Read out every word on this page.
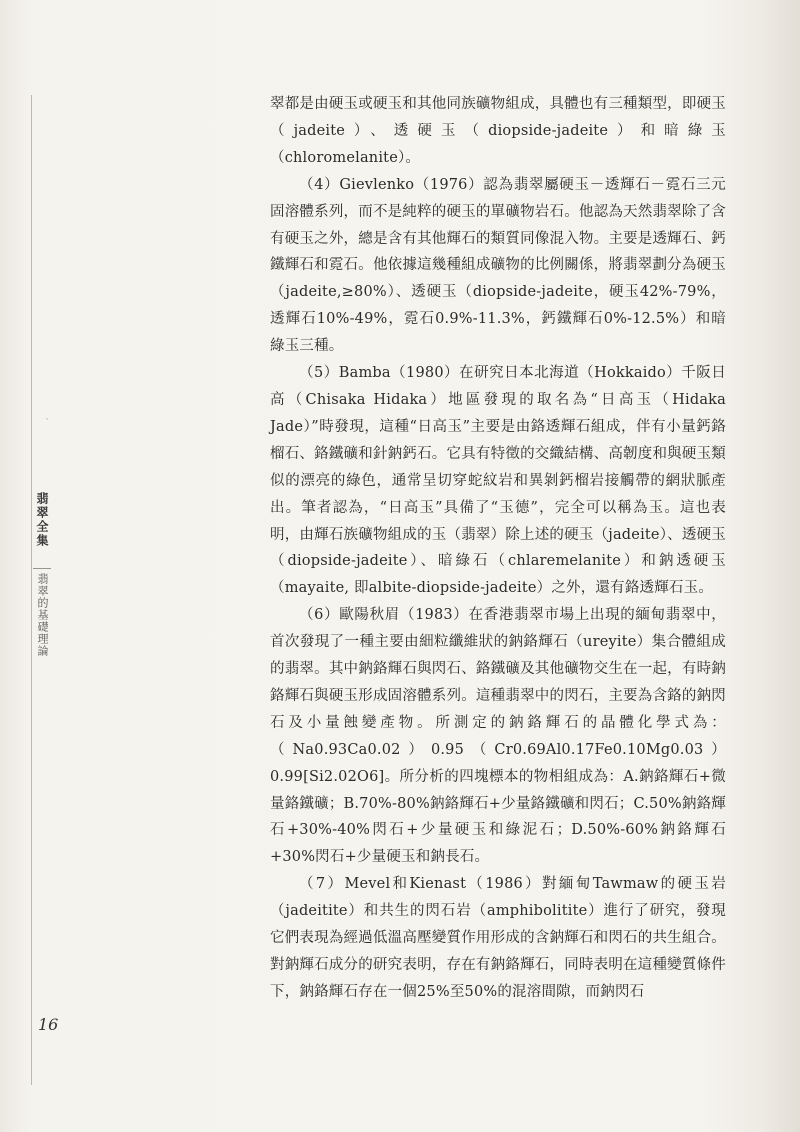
‵
翡翠全集
翡翠的基礎理論

翠都是由硬玉或硬玉和其他同族礦物組成，具體也有三種類型，即硬玉（jadeite）、透硬玉（diopside-jadeite）和暗綠玉（chloromelanite）。

（4）Gievlenko（1976）認為翡翠屬硬玉－透輝石－霓石三元固溶體系列，而不是純粹的硬玉的單礦物岩石。他認為天然翡翠除了含有硬玉之外，總是含有其他輝石的類質同像混入物。主要是透輝石、鈣鐵輝石和霓石。他依據這幾種組成礦物的比例關係，將翡翠劃分為硬玉（jadeite,≥80%）、透硬玉（diopside-jadeite，硬玉42%-79%，透輝石10%-49%，霓石0.9%-11.3%，鈣鐵輝石0%-12.5%）和暗綠玉三種。

（5）Bamba（1980）在研究日本北海道（Hokkaido）千阪日高（Chisaka Hidaka）地區發現的取名為“日高玉（Hidaka Jade）”時發現，這種“日高玉”主要是由鉻透輝石組成，伴有小量鈣鉻榴石、鉻鐵礦和針鈉鈣石。它具有特徵的交織結構、高韌度和與硬玉類似的漂亮的綠色，通常呈切穿蛇紋岩和異剝鈣榴岩接觸帶的網狀脈產出。筆者認為，“日高玉”具備了“玉德”，完全可以稱為玉。這也表明，由輝石族礦物組成的玉（翡翠）除上述的硬玉（jadeite）、透硬玉（diopside-jadeite）、暗綠石（chlaremelanite）和鈉透硬玉（mayaite, 即albite-diopside-jadeite）之外，還有鉻透輝石玉。

（6）歐陽秋眉（1983）在香港翡翠市場上出現的緬甸翡翠中，首次發現了一種主要由細粒纖維狀的鈉鉻輝石（ureyite）集合體組成的翡翠。其中鈉鉻輝石與閃石、鉻鐵礦及其他礦物交生在一起，有時鈉鉻輝石與硬玉形成固溶體系列。這種翡翠中的閃石，主要為含鉻的鈉閃石及小量蝕變產物。所測定的鈉鉻輝石的晶體化學式為：（Na0.93Ca0.02）0.95（Cr0.69Al0.17Fe0.10Mg0.03）0.99[Si2.02O6]。所分析的四塊標本的物相組成為：A.鈉鉻輝石+微量鉻鐵礦；B.70%-80%鈉鉻輝石+少量鉻鐵礦和閃石；C.50%鈉鉻輝石+30%-40%閃石+少量硬玉和綠泥石；D.50%-60%鈉鉻輝石+30%閃石+少量硬玉和鈉長石。

（7）Mevel和Kienast（1986）對緬甸Tawmaw的硬玉岩（jadeitite）和共生的閃石岩（amphibolitite）進行了研究，發現它們表現為經過低溫高壓變質作用形成的含鈉輝石和閃石的共生組合。對鈉輝石成分的研究表明，存在有鈉鉻輝石，同時表明在這種變質條件下，鈉鉻輝石存在一個25%至50%的混溶間隙，而鈉閃石

16
